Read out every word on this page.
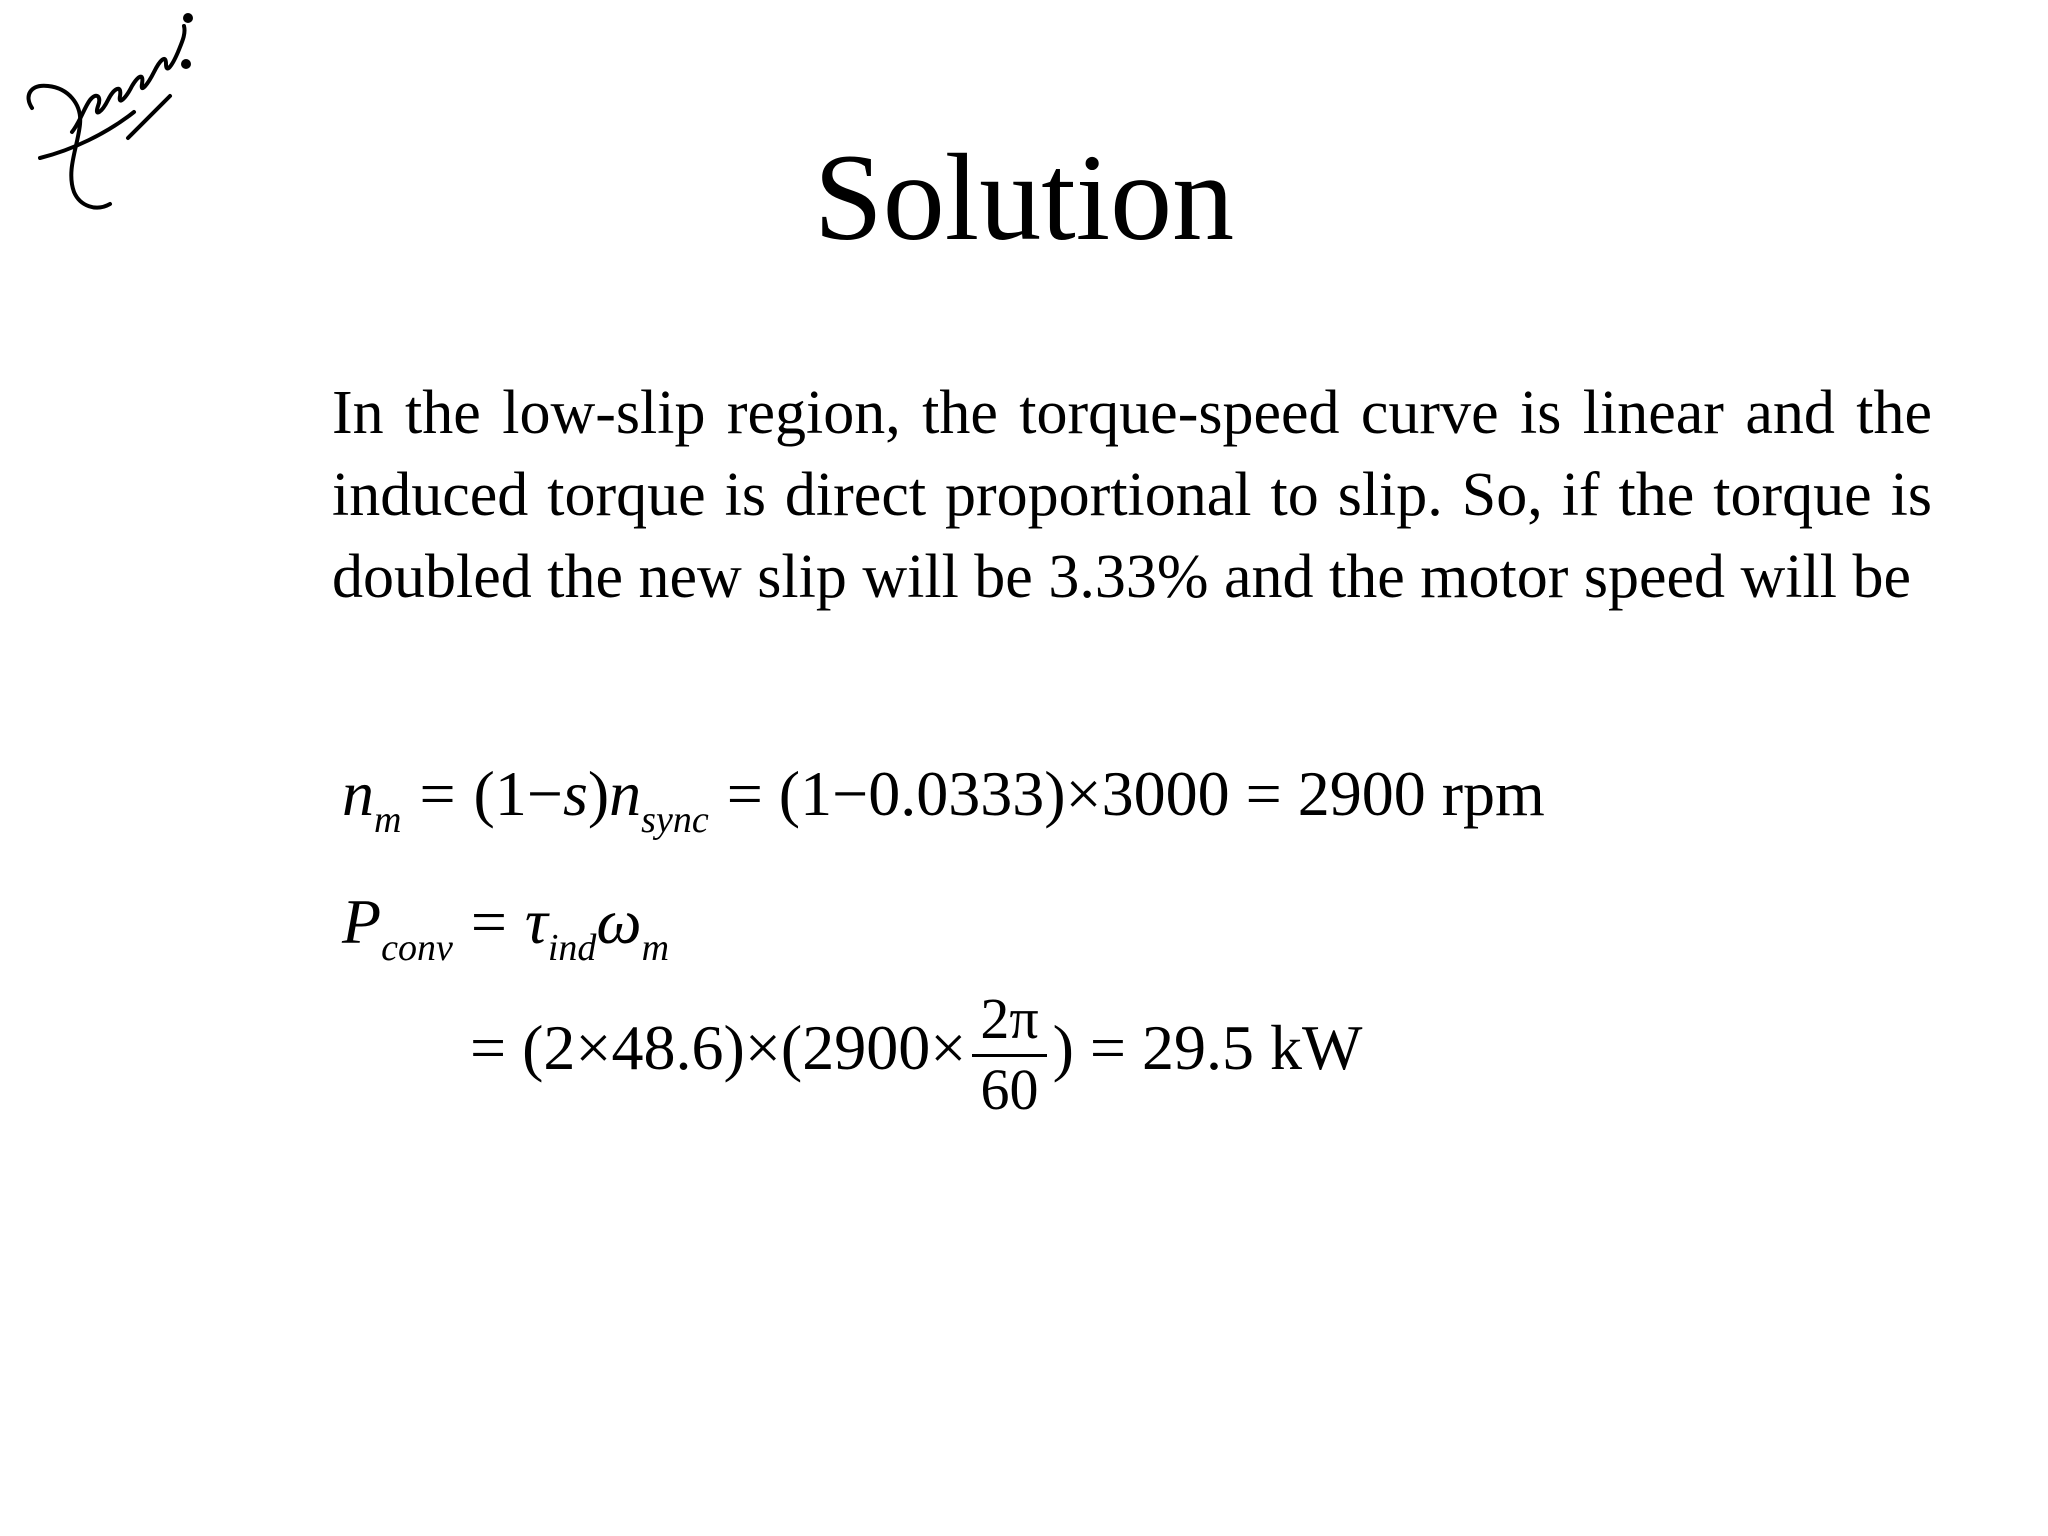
Solution

In the low-slip region, the torque-speed curve is linear and the induced torque is direct proportional to slip. So, if the torque is doubled the new slip will be 3.33% and the motor speed will be

$n_m = (1-s)n_{sync} = (1-0.0333)\times 3000 = 2900$ rpm
$P_{conv} = \tau_{ind}\omega_m$
= $(2\times 48.6)\times(2900\times \frac{2\pi}{60}$ ) = 29.5 kW
